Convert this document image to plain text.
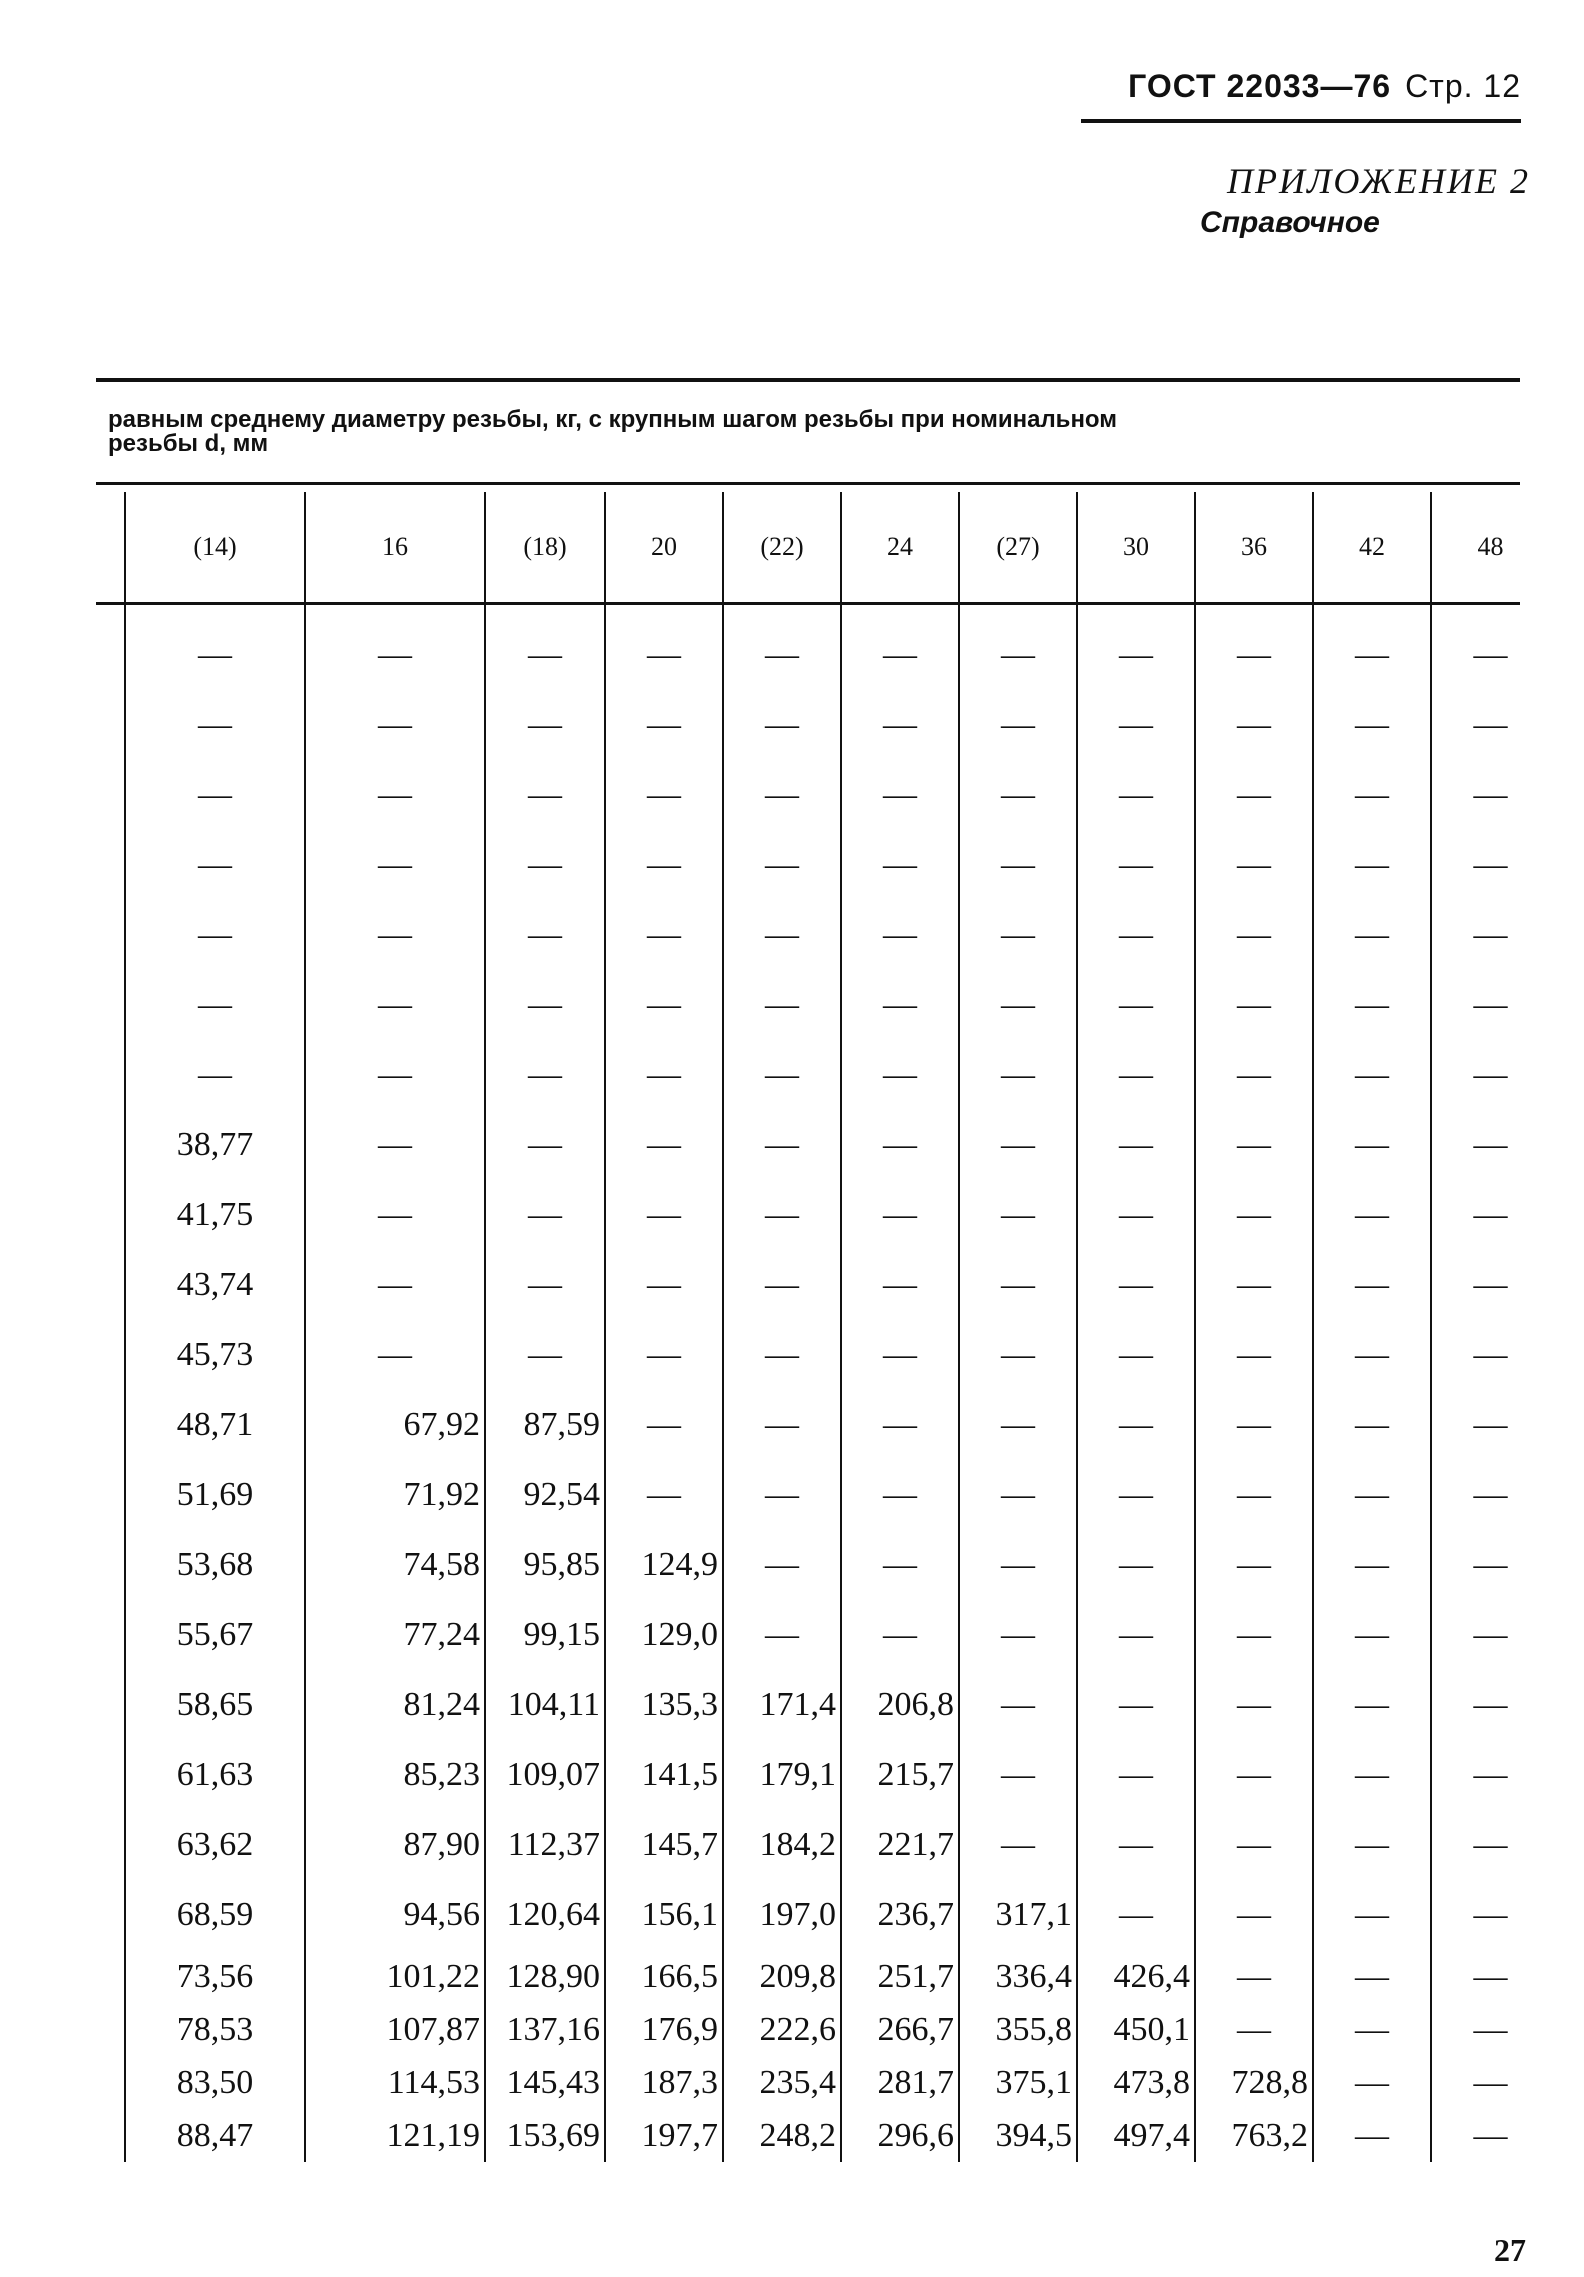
ГОСТ 22033—76 Стр. 12
ПРИЛОЖЕНИЕ 2
Справочное
равным среднему диаметру резьбы, кг, с крупным шагом резьбы при номинальном
резьбы d, мм
(14)	16	(18)	20	(22)	24	(27)	30	36	42	48

—	—	—	—	—	—	—	—	—	—	—
—	—	—	—	—	—	—	—	—	—	—
—	—	—	—	—	—	—	—	—	—	—
—	—	—	—	—	—	—	—	—	—	—
—	—	—	—	—	—	—	—	—	—	—
—	—	—	—	—	—	—	—	—	—	—
—	—	—	—	—	—	—	—	—	—	—
38,77	—	—	—	—	—	—	—	—	—	—
41,75	—	—	—	—	—	—	—	—	—	—
43,74	—	—	—	—	—	—	—	—	—	—
45,73	—	—	—	—	—	—	—	—	—	—
48,71	67,92	87,59	—	—	—	—	—	—	—	—
51,69	71,92	92,54	—	—	—	—	—	—	—	—
53,68	74,58	95,85	124,9	—	—	—	—	—	—	—
55,67	77,24	99,15	129,0	—	—	—	—	—	—	—
58,65	81,24	104,11	135,3	171,4	206,8	—	—	—	—	—
61,63	85,23	109,07	141,5	179,1	215,7	—	—	—	—	—
63,62	87,90	112,37	145,7	184,2	221,7	—	—	—	—	—
68,59	94,56	120,64	156,1	197,0	236,7	317,1	—	—	—	—
73,56	101,22	128,90	166,5	209,8	251,7	336,4	426,4	—	—	—
78,53	107,87	137,16	176,9	222,6	266,7	355,8	450,1	—	—	—
83,50	114,53	145,43	187,3	235,4	281,7	375,1	473,8	728,8	—	—
88,47	121,19	153,69	197,7	248,2	296,6	394,5	497,4	763,2	—	—
27
